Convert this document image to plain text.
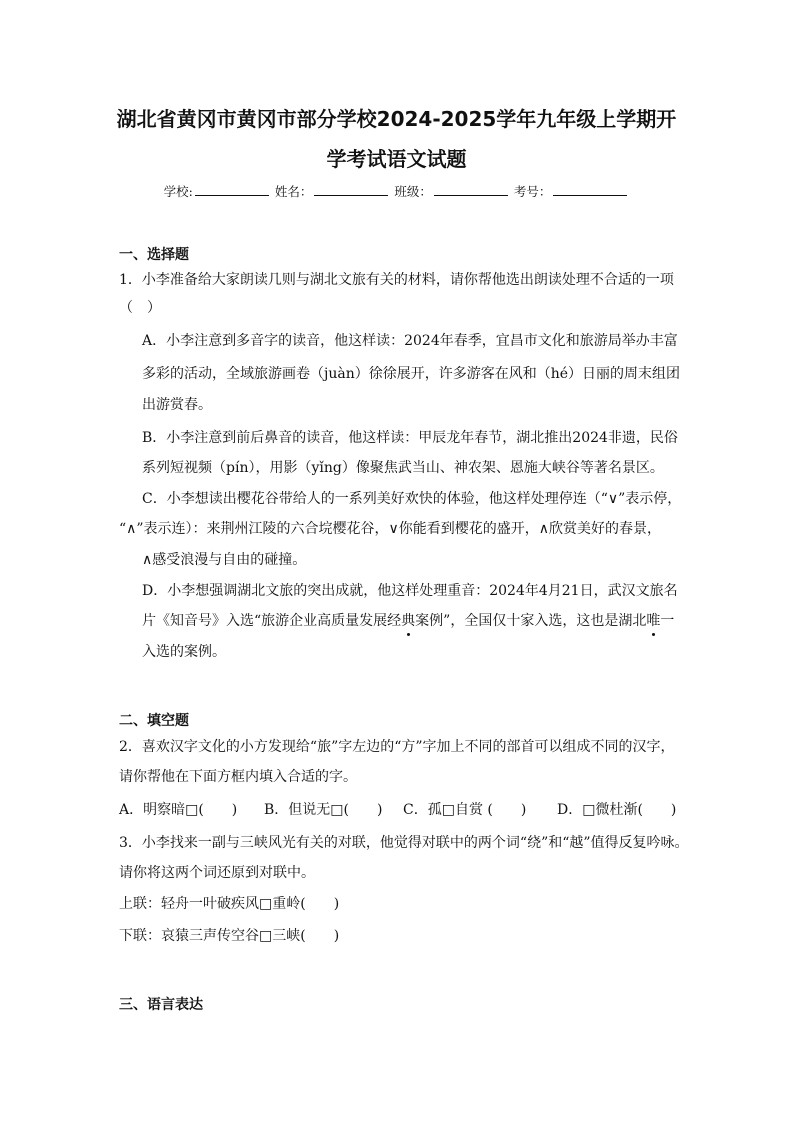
湖北省黄冈市黄冈市部分学校2024-2025学年九年级上学期开
学考试语文试题
学校:	姓名：	班级：	考号：
一、选择题
1．小李准备给大家朗读几则与湖北文旅有关的材料，请你帮他选出朗读处理不合适的一项
（　）
A．小李注意到多音字的读音，他这样读：2024年春季，宜昌市文化和旅游局举办丰富
多彩的活动，全域旅游画卷（juàn）徐徐展开，许多游客在风和（hé）日丽的周末组团
出游赏春。
B．小李注意到前后鼻音的读音，他这样读：甲辰龙年春节，湖北推出2024非遗，民俗
系列短视频（pín），用影（yǐng）像聚焦武当山、神农架、恩施大峡谷等著名景区。
C．小李想读出樱花谷带给人的一系列美好欢快的体验，他这样处理停连（“∨”表示停，
“∧”表示连）：来荆州江陵的六合垸樱花谷，∨你能看到樱花的盛开，∧欣赏美好的春景，
∧感受浪漫与自由的碰撞。
D．小李想强调湖北文旅的突出成就，他这样处理重音：2024年4月21日，武汉文旅名
片《知音号》入选“旅游企业高质量发展经典案例”，全国仅十家入选，这也是湖北唯一
入选的案例。
二、填空题
2．喜欢汉字文化的小方发现给“旅”字左边的“方”字加上不同的部首可以组成不同的汉字，
请你帮他在下面方框内填入合适的字。
A．明察暗□(　　) B．但说无□(　　) C．孤□自赏 (　　) D．□微杜渐(　　)
3．小李找来一副与三峡风光有关的对联，他觉得对联中的两个词“绕”和“越”值得反复吟咏。
请你将这两个词还原到对联中。
上联：轻舟一叶破疾风□重岭(　　)
下联：哀猿三声传空谷□三峡(　　)
三、语言表达
